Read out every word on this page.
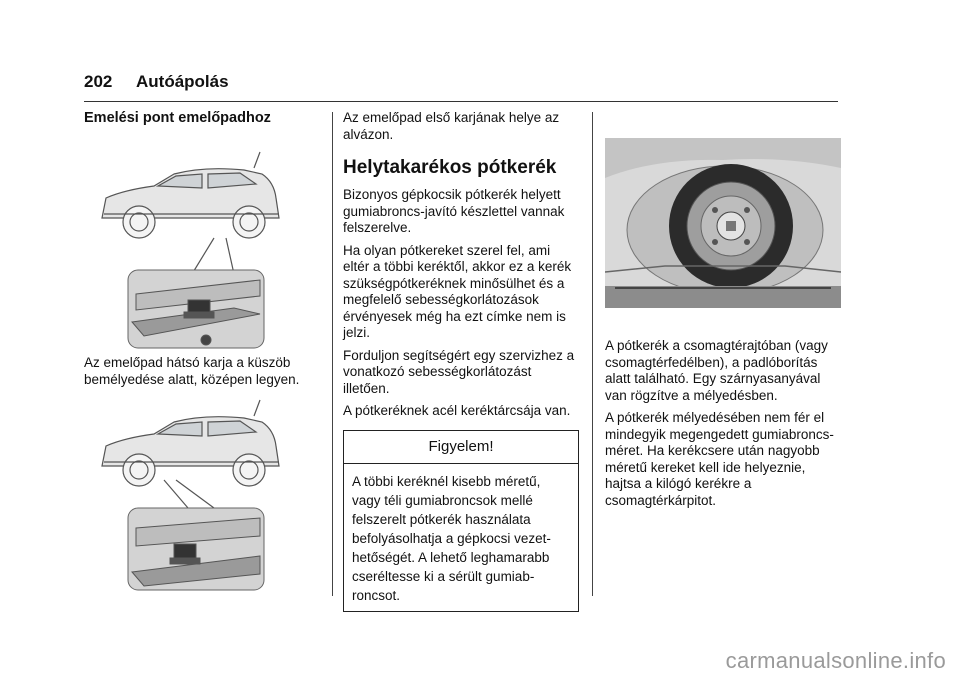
202 Autóápolás
Emelési pont emelőpadhoz

Az emelőpad hátsó karja a küszöb bemélyedése alatt, középen legyen.

Az emelőpad első karjának helye az alvázon.

Helytakarékos pótkerék

Bizonyos gépkocsik pótkerék helyett gumiabroncs-javító készlettel vannak felszerelve.

Ha olyan pótkereket szerel fel, ami eltér a többi keréktől, akkor ez a kerék szükségpótkeréknek minősülhet és a megfelelő sebességkorlátozások érvényesek még ha ezt címke nem is jelzi.

Forduljon segítségért egy szervizhez a vonatkozó sebességkorlátozást illetően.

A pótkeréknek acél keréktárcsája van.

Figyelem!
A többi keréknél kisebb méretű, vagy téli gumiabroncsok mellé felszerelt pótkerék használata befolyásolhatja a gépkocsi vezethetőségét. A lehető leghamarabb cseréltesse ki a sérült gumiabroncsot.

A pótkerék a csomagtérajtóban (vagy csomagtérfedélben), a padlóborítás alatt található. Egy szárnyasanyával van rögzítve a mélyedésben.

A pótkerék mélyedésében nem fér el mindegyik megengedett gumiabroncs-méret. Ha kerékcsere után nagyobb méretű kereket kell ide helyeznie, hajtsa a kilógó kerékre a csomagtérkárpitot.

carmanualsonline.info
